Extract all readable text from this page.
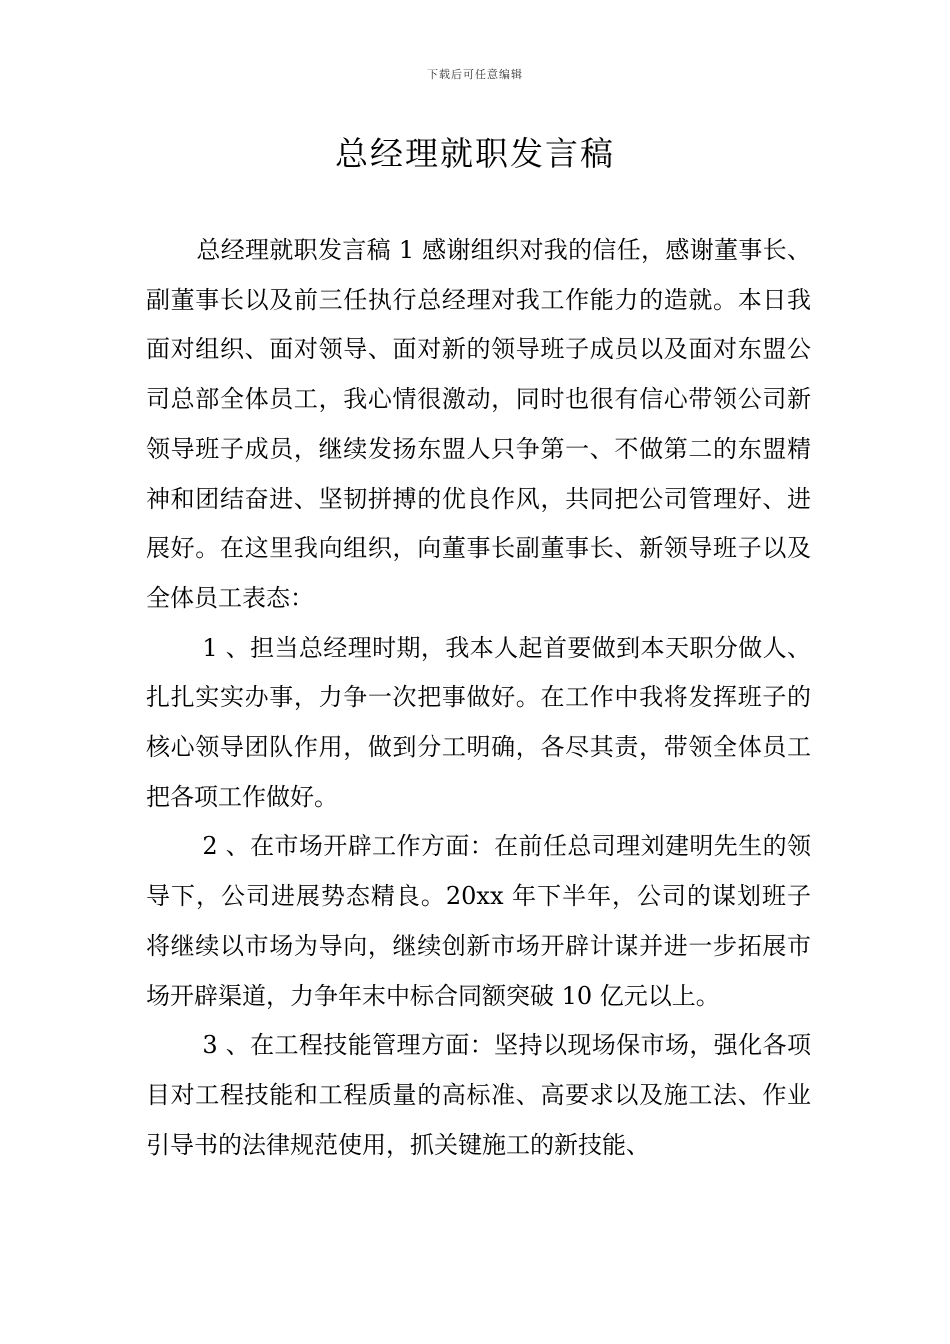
下载后可任意编辑
总经理就职发言稿

总经理就职发言稿 1 感谢组织对我的信任，感谢董事长、副董事长以及前三任执行总经理对我工作能力的造就。本日我面对组织、面对领导、面对新的领导班子成员以及面对东盟公司总部全体员工，我心情很激动，同时也很有信心带领公司新领导班子成员，继续发扬东盟人只争第一、不做第二的东盟精神和团结奋进、坚韧拼搏的优良作风，共同把公司管理好、进展好。在这里我向组织，向董事长副董事长、新领导班子以及全体员工表态：

1 、担当总经理时期，我本人起首要做到本天职分做人、扎扎实实办事，力争一次把事做好。在工作中我将发挥班子的核心领导团队作用，做到分工明确，各尽其责，带领全体员工把各项工作做好。

2 、在市场开辟工作方面：在前任总司理刘建明先生的领导下，公司进展势态精良。20xx 年下半年，公司的谋划班子将继续以市场为导向，继续创新市场开辟计谋并进一步拓展市场开辟渠道，力争年末中标合同额突破 10 亿元以上。

3 、在工程技能管理方面：坚持以现场保市场，强化各项目对工程技能和工程质量的高标准、高要求以及施工法、作业引导书的法律规范使用，抓关键施工的新技能、
